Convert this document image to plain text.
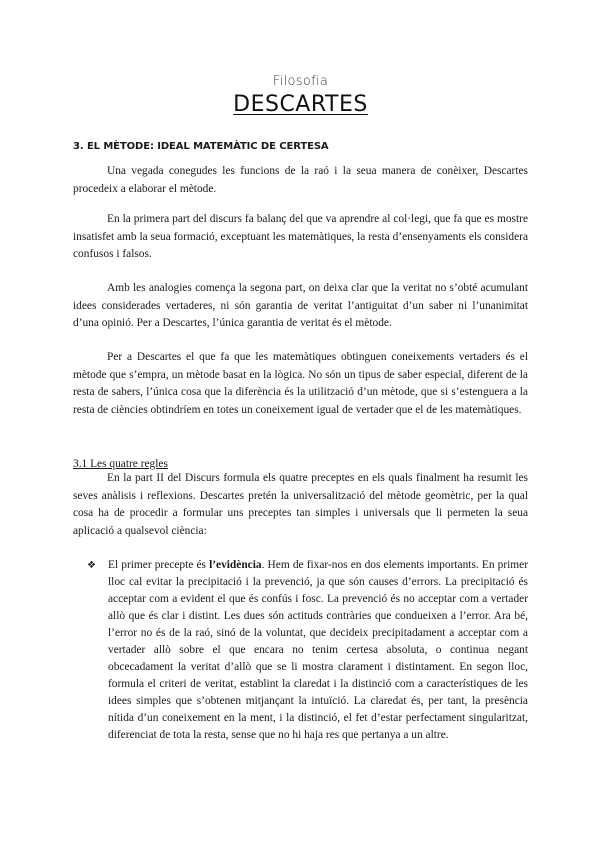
Filosofia
DESCARTES
3. EL MÈTODE: IDEAL MATEMÀTIC DE CERTESA

Una vegada conegudes les funcions de la raó i la seua manera de conèixer, Descartes procedeix a elaborar el mètode.

En la primera part del discurs fa balanç del que va aprendre al col·legi, que fa que es mostre insatisfet amb la seua formació, exceptuant les matemàtiques, la resta d’ensenyaments els considera confusos i falsos.

Amb les analogies comença la segona part, on deixa clar que la veritat no s’obté acumulant idees considerades vertaderes, ni són garantia de veritat l’antiguitat d’un saber ni l’unanimitat d’una opinió. Per a Descartes, l’única garantia de veritat és el mètode.

Per a Descartes el que fa que les matemàtiques obtinguen coneixements vertaders és el mètode que s’empra, un mètode basat en la lògica. No són un tipus de saber especial, diferent de la resta de sabers, l’única cosa que la diferència és la utilització d’un mètode, que si s’estenguera a la resta de ciències obtindríem en totes un coneixement igual de vertader que el de les matemàtiques.

3.1 Les quatre regles

En la part II del Discurs formula els quatre preceptes en els quals finalment ha resumit les seves anàlisis i reflexions. Descartes pretén la universalització del mètode geomètric, per la qual cosa ha de procedir a formular uns preceptes tan simples i universals que li permeten la seua aplicació a qualsevol ciència:

❖ El primer precepte és l’evidència. Hem de fixar-nos en dos elements importants. En primer lloc cal evitar la precipitació i la prevenció, ja que són causes d’errors. La precipitació és acceptar com a evident el que és confús i fosc. La prevenció és no acceptar com a vertader allò que és clar i distint. Les dues són actituds contràries que condueixen a l’error. Ara bé, l’error no és de la raó, sinó de la voluntat, que decideix precipitadament a acceptar com a vertader allò sobre el que encara no tenim certesa absoluta, o continua negant obcecadament la veritat d’allò que se li mostra clarament i distintament. En segon lloc, formula el criteri de veritat, establint la claredat i la distinció com a característiques de les idees simples que s’obtenen mitjançant la intuïció. La claredat és, per tant, la presència nítida d’un coneixement en la ment, i la distinció, el fet d’estar perfectament singularitzat, diferenciat de tota la resta, sense que no hi haja res que pertanya a un altre.
